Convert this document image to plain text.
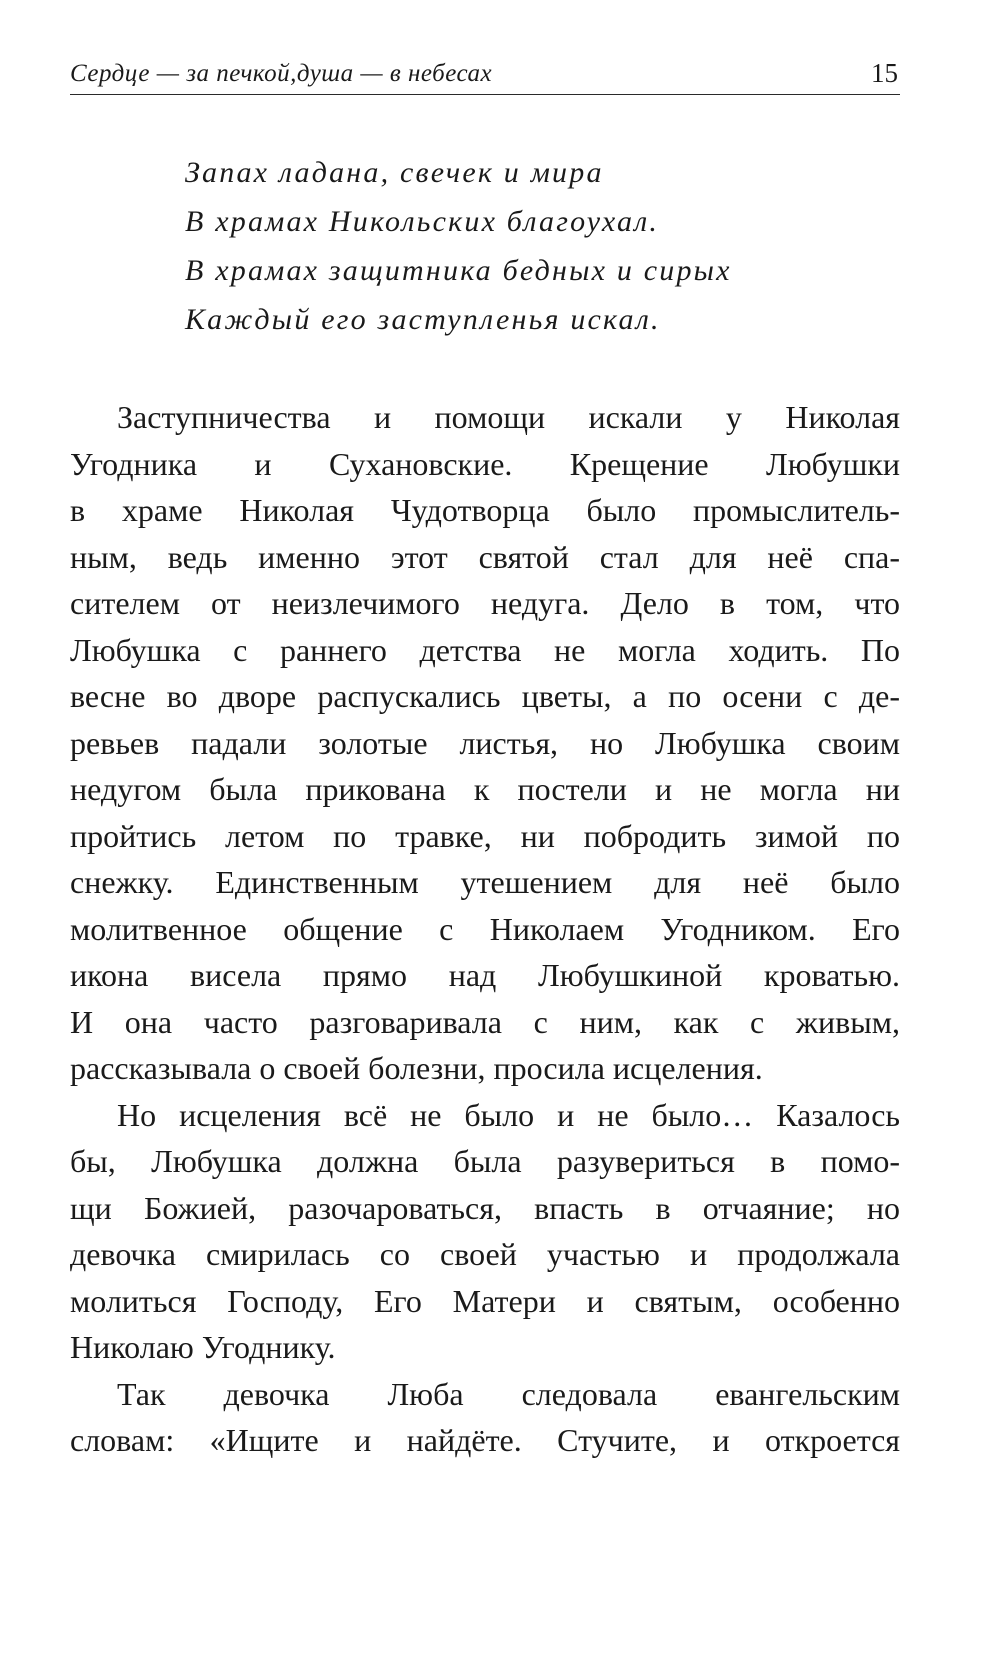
Сердце — за печкой,душа — в небесах	15
Запах ладана, свечек и мира
В храмах Никольских благоухал.
В храмах защитника бедных и сирых
Каждый его заступленья искал.
Заступничества и помощи искали у Николая
Угодника и Сухановские. Крещение Любушки
в храме Николая Чудотворца было промыслитель-
ным, ведь именно этот святой стал для неё спа-
сителем от неизлечимого недуга. Дело в том, что
Любушка с раннего детства не могла ходить. По
весне во дворе распускались цветы, а по осени с де-
ревьев падали золотые листья, но Любушка своим
недугом была прикована к постели и не могла ни
пройтись летом по травке, ни побродить зимой по
снежку. Единственным утешением для неё было
молитвенное общение с Николаем Угодником. Его
икона висела прямо над Любушкиной кроватью.
И она часто разговаривала с ним, как с живым,
рассказывала о своей болезни, просила исцеления.
Но исцеления всё не было и не было… Казалось
бы, Любушка должна была разувериться в помо-
щи Божией, разочароваться, впасть в отчаяние; но
девочка смирилась со своей участью и продолжала
молиться Господу, Его Матери и святым, особенно
Николаю Угоднику.
Так девочка Люба следовала евангельским
словам: «Ищите и найдёте. Стучите, и откроется
